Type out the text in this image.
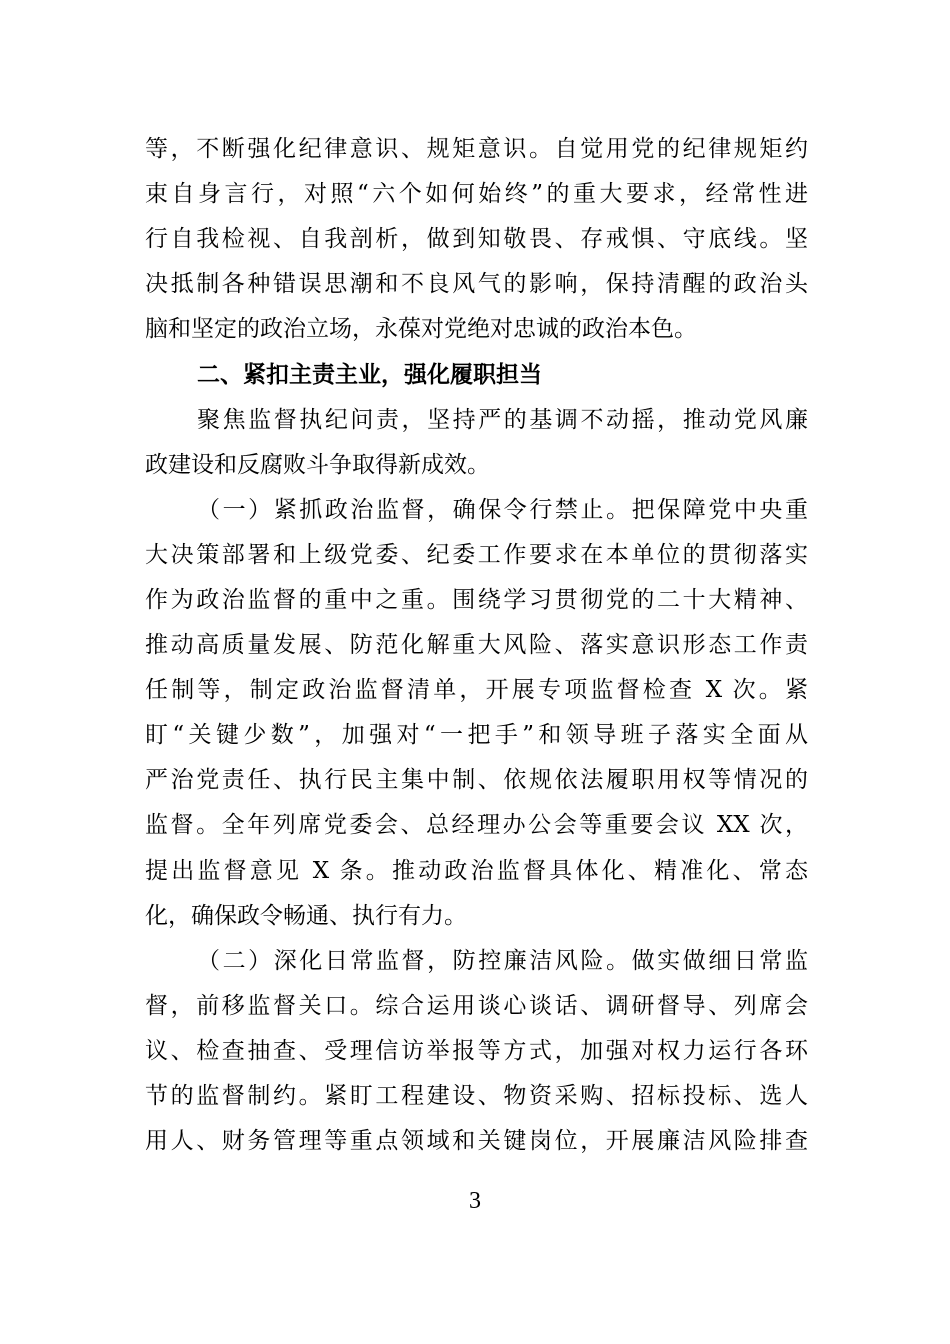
等，不断强化纪律意识、规矩意识。自觉用党的纪律规矩约
束自身言行，对照“六个如何始终”的重大要求，经常性进
行自我检视、自我剖析，做到知敬畏、存戒惧、守底线。坚
决抵制各种错误思潮和不良风气的影响，保持清醒的政治头
脑和坚定的政治立场，永葆对党绝对忠诚的政治本色。
二、紧扣主责主业，强化履职担当
聚焦监督执纪问责，坚持严的基调不动摇，推动党风廉
政建设和反腐败斗争取得新成效。
（一）紧抓政治监督，确保令行禁止。把保障党中央重
大决策部署和上级党委、纪委工作要求在本单位的贯彻落实
作为政治监督的重中之重。围绕学习贯彻党的二十大精神、
推动高质量发展、防范化解重大风险、落实意识形态工作责
任制等，制定政治监督清单，开展专项监督检查 X 次。紧
盯“关键少数”，加强对“一把手”和领导班子落实全面从
严治党责任、执行民主集中制、依规依法履职用权等情况的
监督。全年列席党委会、总经理办公会等重要会议 XX 次，
提出监督意见 X 条。推动政治监督具体化、精准化、常态
化，确保政令畅通、执行有力。
（二）深化日常监督，防控廉洁风险。做实做细日常监
督，前移监督关口。综合运用谈心谈话、调研督导、列席会
议、检查抽查、受理信访举报等方式，加强对权力运行各环
节的监督制约。紧盯工程建设、物资采购、招标投标、选人
用人、财务管理等重点领域和关键岗位，开展廉洁风险排查
3
